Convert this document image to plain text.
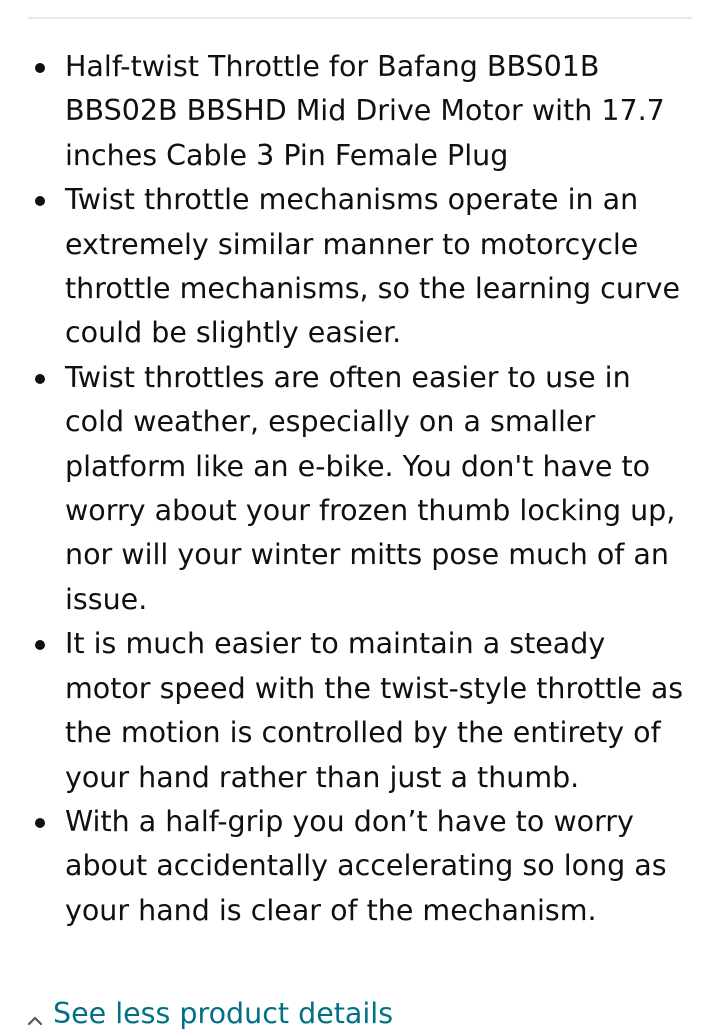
Half-twist Throttle for Bafang BBS01B BBS02B BBSHD Mid Drive Motor with 17.7 inches Cable 3 Pin Female Plug
Twist throttle mechanisms operate in an extremely similar manner to motorcycle throttle mechanisms, so the learning curve could be slightly easier.
Twist throttles are often easier to use in cold weather, especially on a smaller platform like an e-bike. You don't have to worry about your frozen thumb locking up, nor will your winter mitts pose much of an issue.
It is much easier to maintain a steady motor speed with the twist-style throttle as the motion is controlled by the entirety of your hand rather than just a thumb.
With a half-grip you don’t have to worry about accidentally accelerating so long as your hand is clear of the mechanism.
See less product details
